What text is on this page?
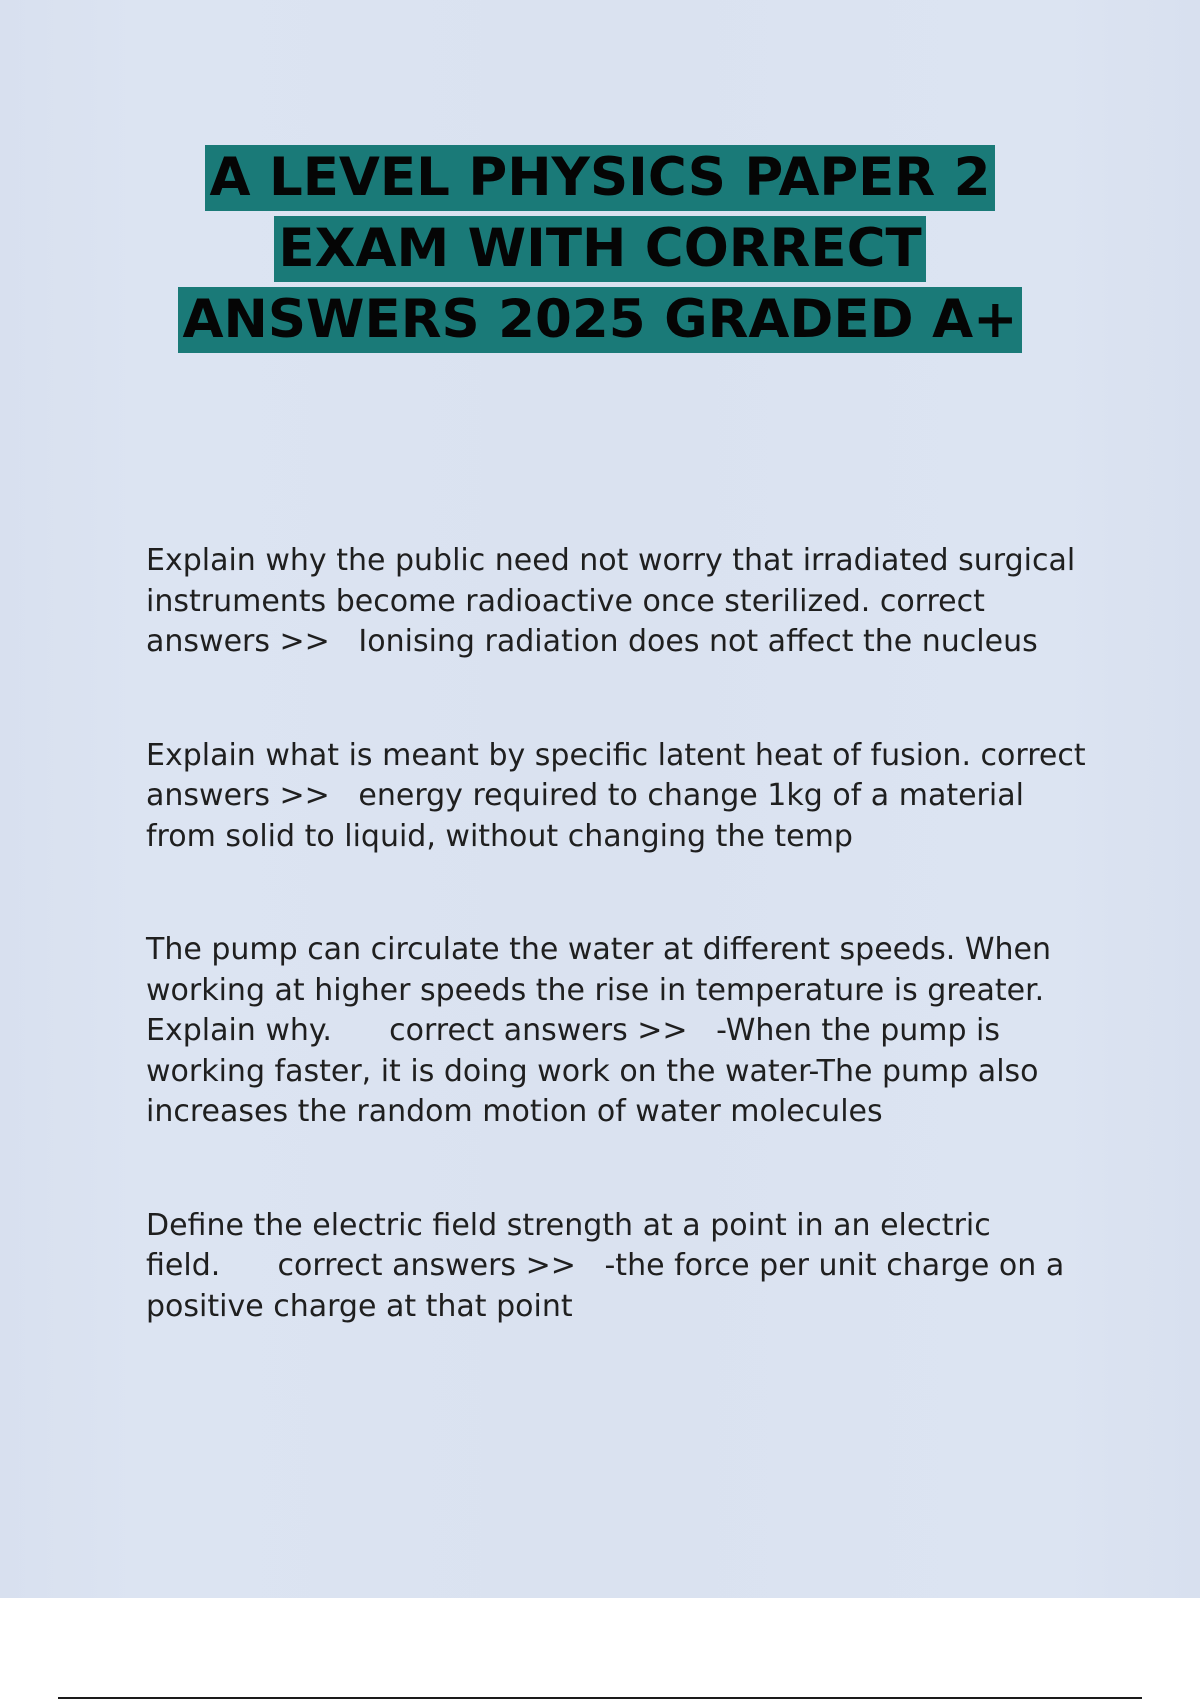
A LEVEL PHYSICS PAPER 2
EXAM WITH CORRECT
ANSWERS 2025 GRADED A+

Explain why the public need not worry that irradiated surgical instruments become radioactive once sterilized. correct answers >> Ionising radiation does not affect the nucleus

Explain what is meant by specific latent heat of fusion. correct answers >> energy required to change 1kg of a material from solid to liquid, without changing the temp

The pump can circulate the water at different speeds. When working at higher speeds the rise in temperature is greater. Explain why. correct answers >> -When the pump is working faster, it is doing work on the water-The pump also increases the random motion of water molecules

Define the electric field strength at a point in an electric field. correct answers >> -the force per unit charge on a positive charge at that point
